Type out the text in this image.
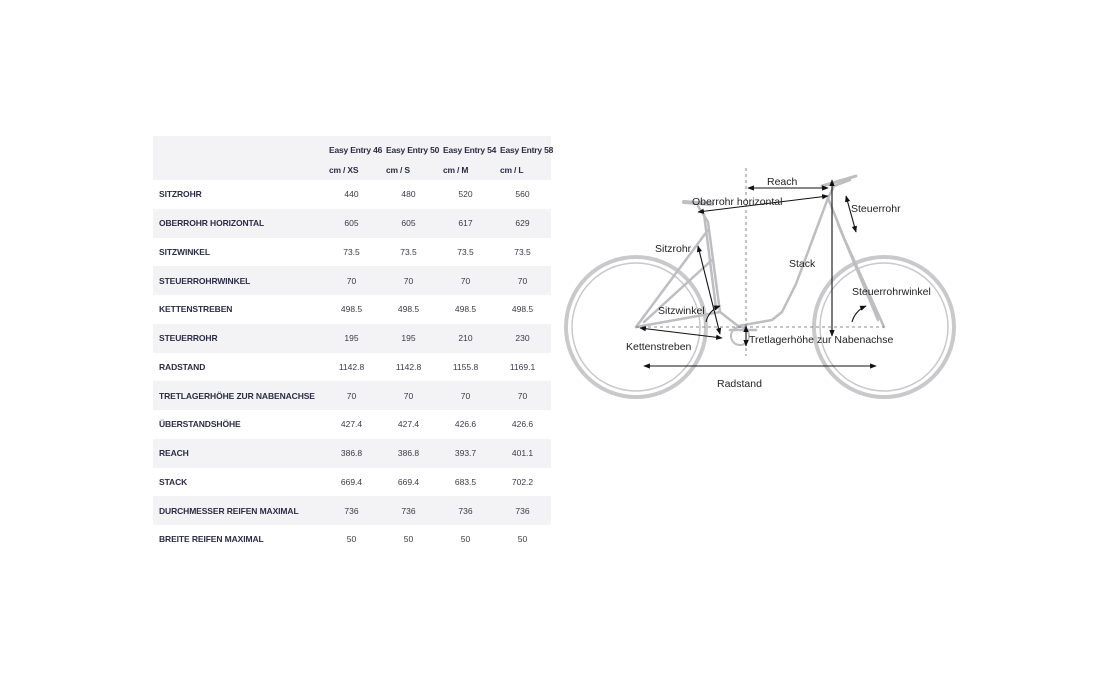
	Easy Entry 46	Easy Entry 50	Easy Entry 54	Easy Entry 58
	cm / XS	cm / S	cm / M	cm / L
SITZROHR	440	480	520	560
OBERROHR HORIZONTAL	605	605	617	629
SITZWINKEL	73.5	73.5	73.5	73.5
STEUERROHRWINKEL	70	70	70	70
KETTENSTREBEN	498.5	498.5	498.5	498.5
STEUERROHR	195	195	210	230
RADSTAND	1142.8	1142.8	1155.8	1169.1
TRETLAGERHÖHE ZUR NABENACHSE	70	70	70	70
ÜBERSTANDSHÖHE	427.4	427.4	426.6	426.6
REACH	386.8	386.8	393.7	401.1
STACK	669.4	669.4	683.5	702.2
DURCHMESSER REIFEN MAXIMAL	736	736	736	736
BREITE REIFEN MAXIMAL	50	50	50	50
Reach
Oberrohr horizontal
Steuerrohr
Sitzrohr
Stack
Steuerrohrwinkel
Sitzwinkel
Tretlagerhöhe zur Nabenachse
Kettenstreben
Radstand
